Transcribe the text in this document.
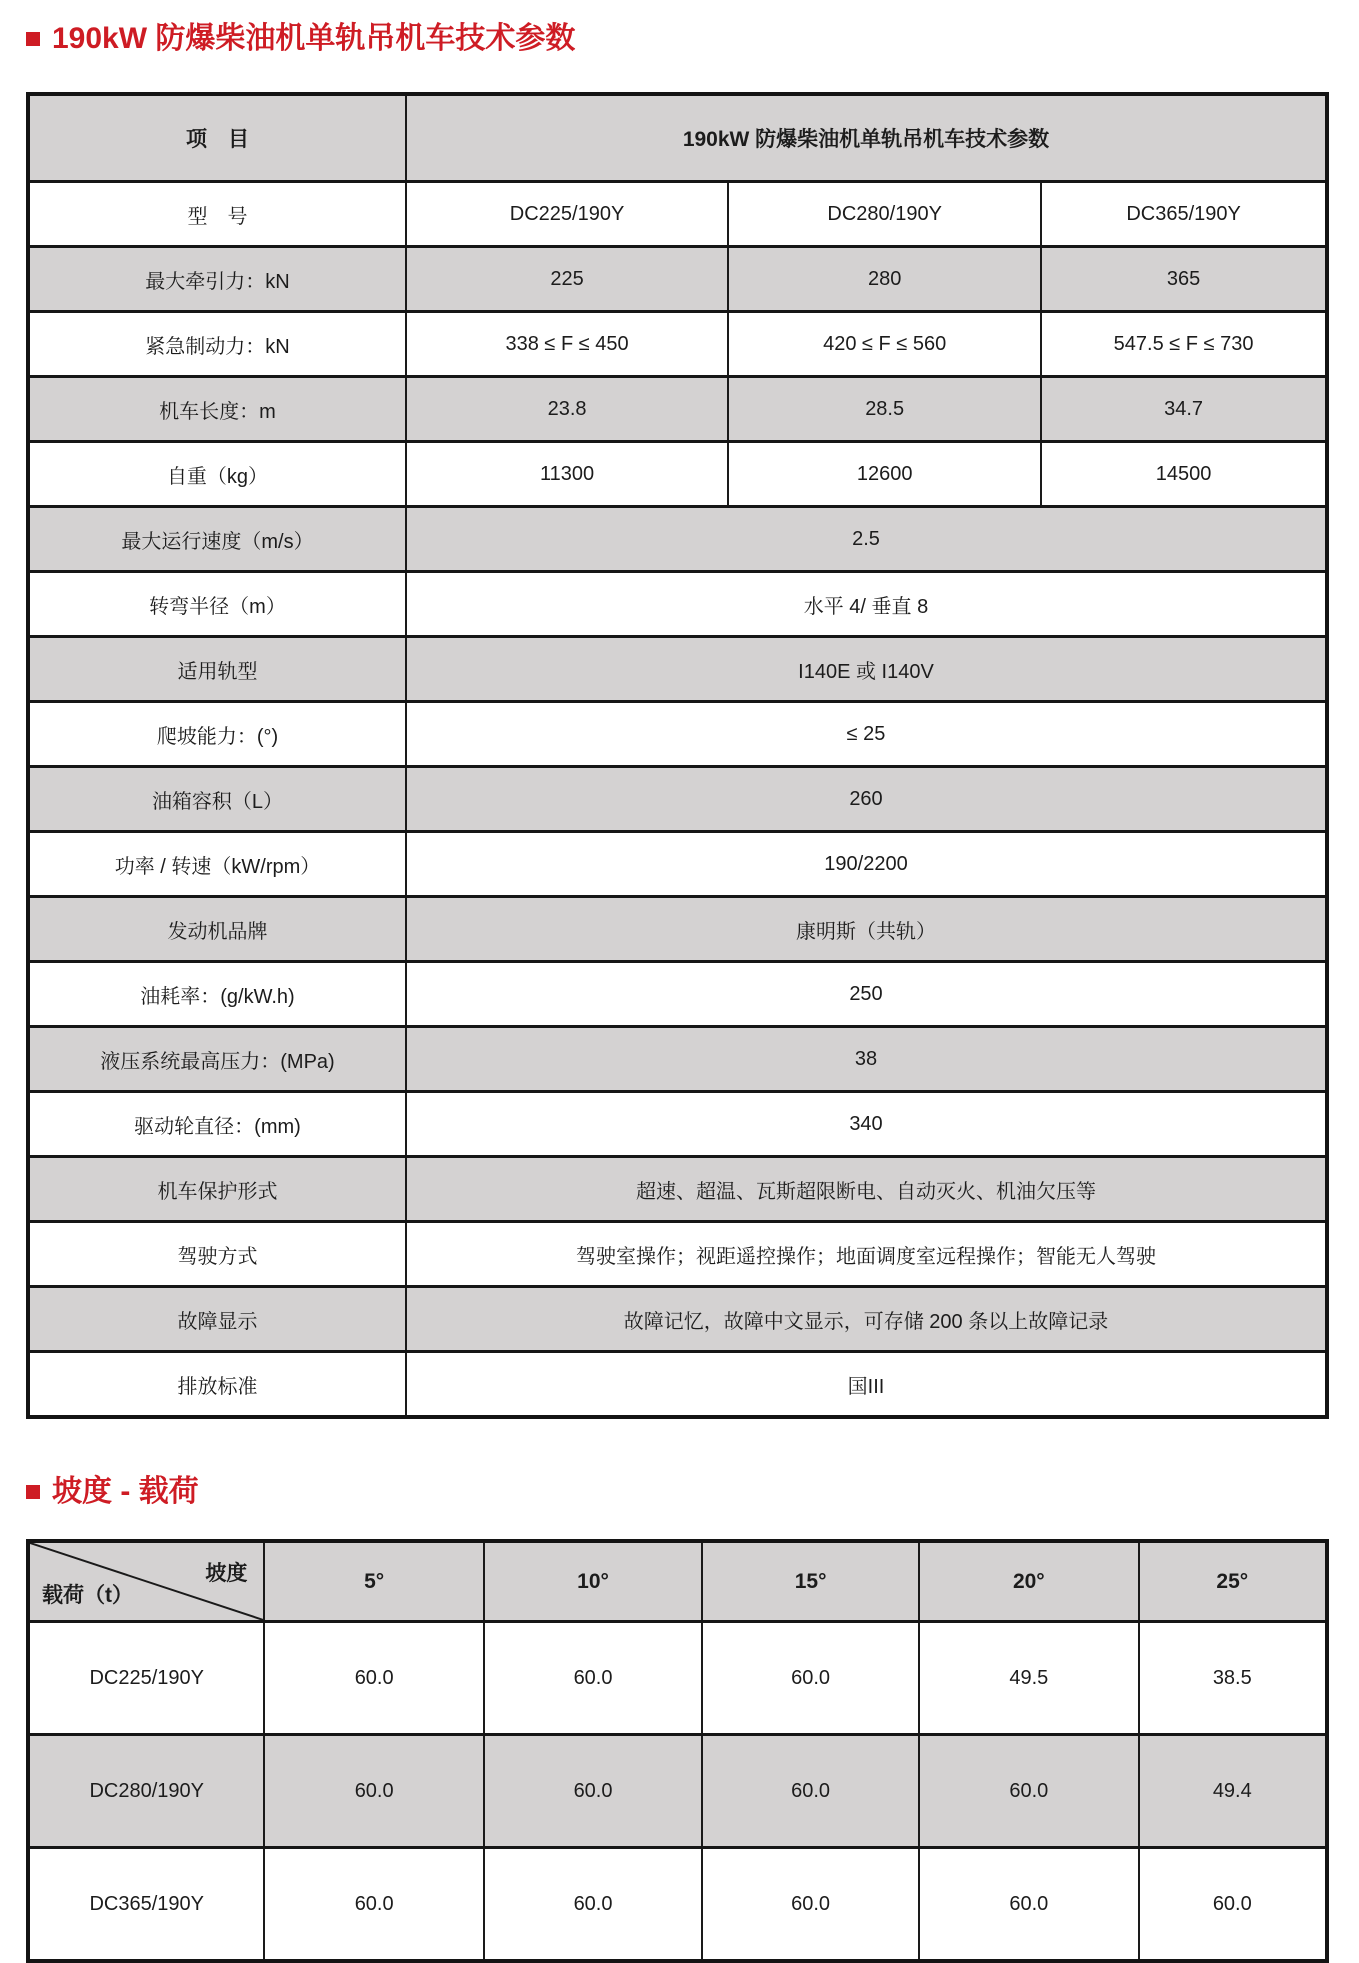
190kW 防爆柴油机单轨吊机车技术参数
项　目	190kW 防爆柴油机单轨吊机车技术参数		
型　号	DC225/190Y	DC280/190Y	DC365/190Y
最大牵引力：kN	225	280	365
紧急制动力：kN	338 ≤ F ≤ 450	420 ≤ F ≤ 560	547.5 ≤ F ≤ 730
机车长度：m	23.8	28.5	34.7
自重（kg）	11300	12600	14500
最大运行速度（m/s）	2.5		
转弯半径（m）	水平 4/ 垂直 8		
适用轨型	I140E 或 I140V		
爬坡能力：(°)	≤ 25		
油箱容积（L）	260		
功率 / 转速（kW/rpm）	190/2200		
发动机品牌	康明斯（共轨）		
油耗率：(g/kW.h)	250		
液压系统最高压力：(MPa)	38		
驱动轮直径：(mm)	340		
机车保护形式	超速、超温、瓦斯超限断电、自动灭火、机油欠压等		
驾驶方式	驾驶室操作；视距遥控操作；地面调度室远程操作；智能无人驾驶		
故障显示	故障记忆，故障中文显示，可存储 200 条以上故障记录		
排放标准	国III		
坡度 - 载荷
坡度
载荷（t）	5°	10°	15°	20°	25°
DC225/190Y	60.0	60.0	60.0	49.5	38.5
DC280/190Y	60.0	60.0	60.0	60.0	49.4
DC365/190Y	60.0	60.0	60.0	60.0	60.0
